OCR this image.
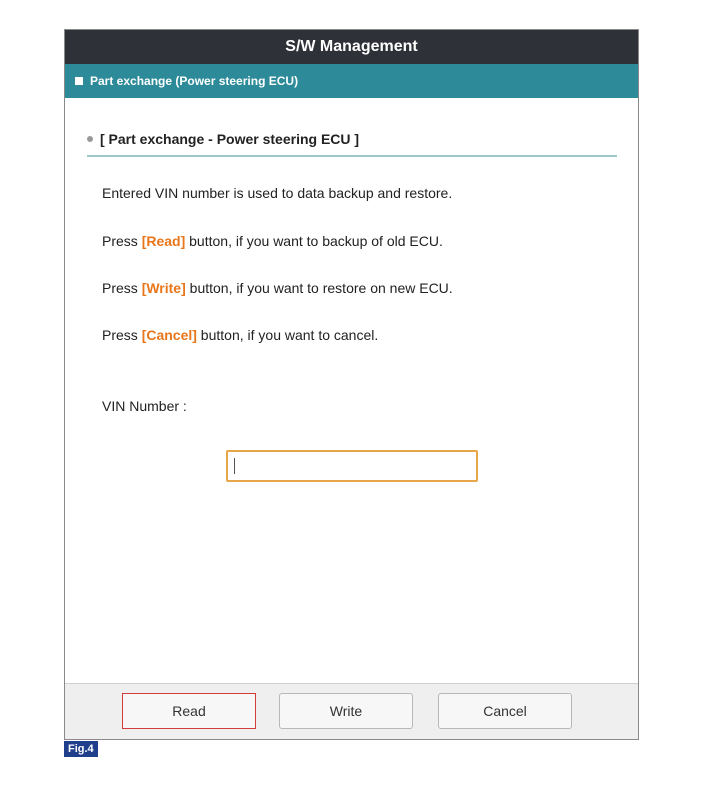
S/W Management
Part exchange (Power steering ECU)
[ Part exchange - Power steering ECU ]
Entered VIN number is used to data backup and restore.
Press [Read] button, if you want to backup of old ECU.
Press [Write] button, if you want to restore on new ECU.
Press [Cancel] button, if you want to cancel.
VIN Number :
Read	Write	Cancel
Fig.4
